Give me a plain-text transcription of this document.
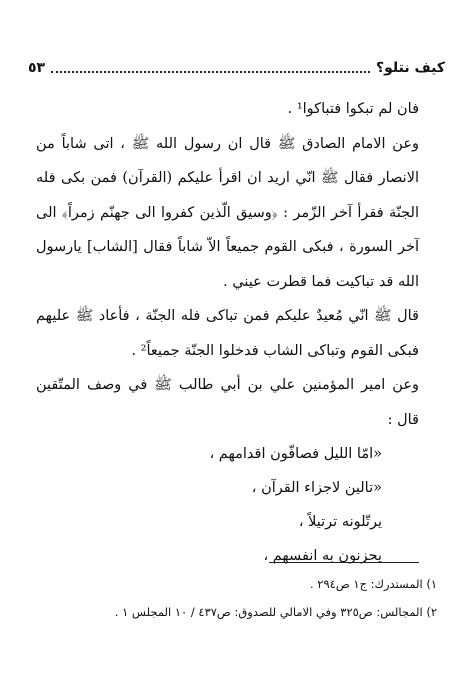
كيف نتلو؟
٥٣

فان لم تبكوا فتباكوا¹ .

وعن الامام الصادق ﷺ قال ان رسول الله ﷺ ، اتى شاباً من الانصار فقال ﷺ انّي اريد ان اقرأ عليكم (القرآن) فمن بكى فله الجنّة فقرأ آخر الزّمر : ﴿وسيق الّذين كفروا الى جهنّم زمراً﴾ الى آخر السورة ، فبكى القوم جميعاً الاّ شاباً فقال [الشاب] يارسول الله قد تباكيت فما قطرت عيني .

قال ﷺ انّي مُعيدٌ عليكم فمن تباكى فله الجنّة ، فأعاد ﷺ عليهم فبكى القوم وتباكى الشاب فدخلوا الجنّة جميعاً² .

وعن امير المؤمنين علي بن أبي طالب ﷺ في وصف المتّقين قال :

«امّا الليل فصافّون اقدامهم ،

«تالين لاجزاء القرآن ،

يرتّلونه ترتيلاً ،

يحزنون به انفسهم ،

١) المستدرك: ج١ ص٢٩٤ .

٢) المجالس: ص٣٢٥ وفي الامالي للصدوق: ص٤٣٧ / ١٠ المجلس ١ .
